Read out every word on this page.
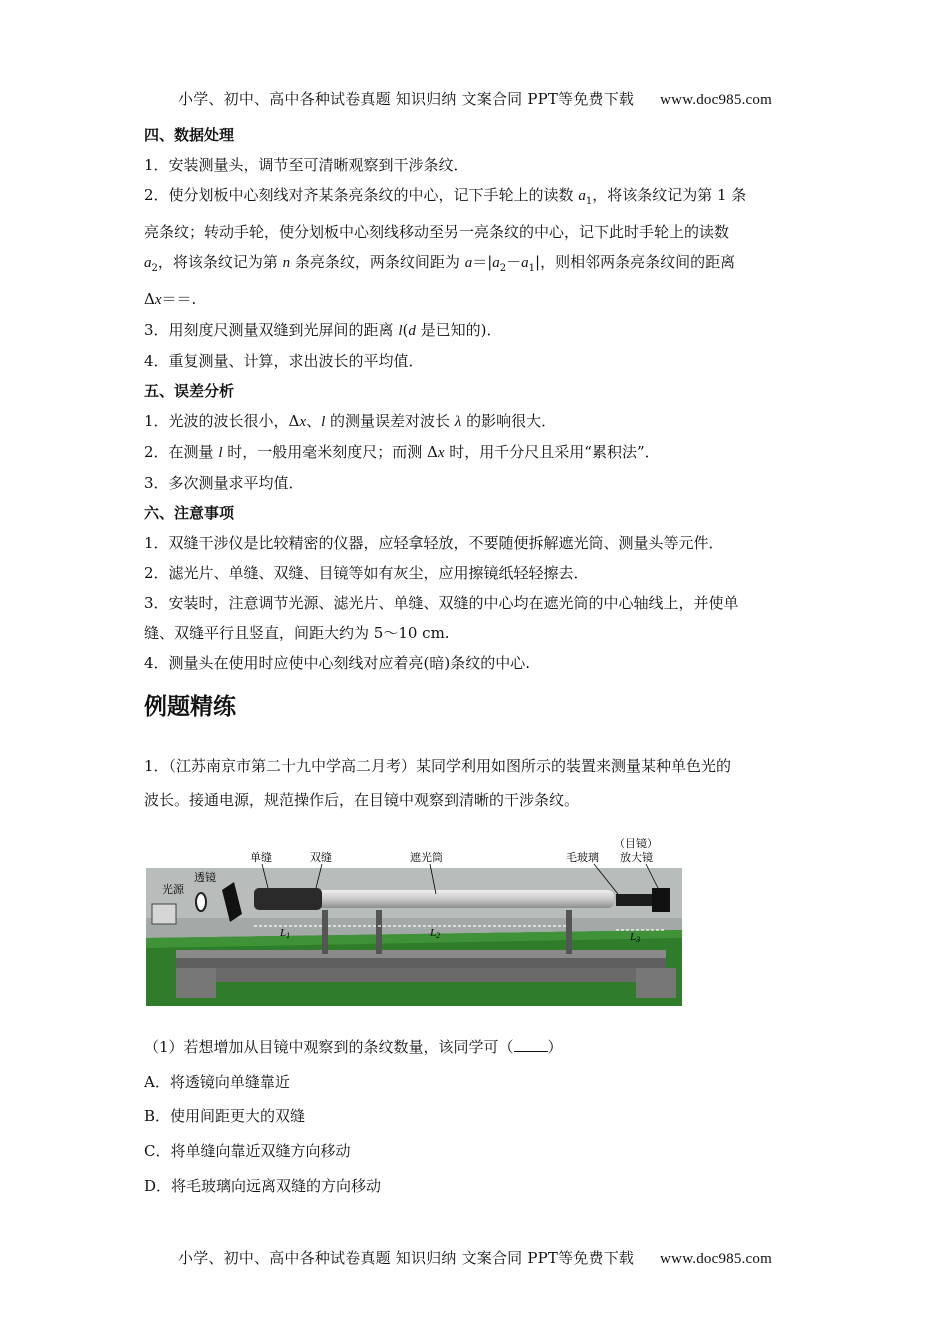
小学、初中、高中各种试卷真题 知识归纳 文案合同 PPT等免费下载 www.doc985.com
四、数据处理
1．安装测量头，调节至可清晰观察到干涉条纹．
2．使分划板中心刻线对齐某条亮条纹的中心，记下手轮上的读数 $a_1$，将该条纹记为第 1 条
亮条纹；转动手轮，使分划板中心刻线移动至另一亮条纹的中心，记下此时手轮上的读数
$a_2$，将该条纹记为第 n 条亮条纹，两条纹间距为 $a=|a_2-a_1|$，则相邻两条亮条纹间的距离
Δx＝＝.
3．用刻度尺测量双缝到光屏间的距离 l(d 是已知的)．
4．重复测量、计算，求出波长的平均值．
五、误差分析
1．光波的波长很小，Δx、l 的测量误差对波长 λ 的影响很大．
2．在测量 l 时，一般用毫米刻度尺；而测 Δx 时，用千分尺且采用“累积法”．
3．多次测量求平均值．
六、注意事项
1．双缝干涉仪是比较精密的仪器，应轻拿轻放，不要随便拆解遮光筒、测量头等元件．
2．滤光片、单缝、双缝、目镜等如有灰尘，应用擦镜纸轻轻擦去．
3．安装时，注意调节光源、滤光片、单缝、双缝的中心均在遮光筒的中心轴线上，并使单
缝、双缝平行且竖直，间距大约为 5～10 cm.
4．测量头在使用时应使中心刻线对应着亮(暗)条纹的中心.
例题精练
1．（江苏南京市第二十九中学高二月考）某同学利用如图所示的装置来测量某种单色光的
波长。接通电源，规范操作后，在目镜中观察到清晰的干涉条纹。
光源
透镜
单缝	双缝	遮光筒	毛玻璃
（目镜）
放大镜
L1	L2	L3
（1）若想增加从目镜中观察到的条纹数量，该同学可（ ）
A．将透镜向单缝靠近
B．使用间距更大的双缝
C．将单缝向靠近双缝方向移动
D．将毛玻璃向远离双缝的方向移动
小学、初中、高中各种试卷真题 知识归纳 文案合同 PPT等免费下载 www.doc985.com
